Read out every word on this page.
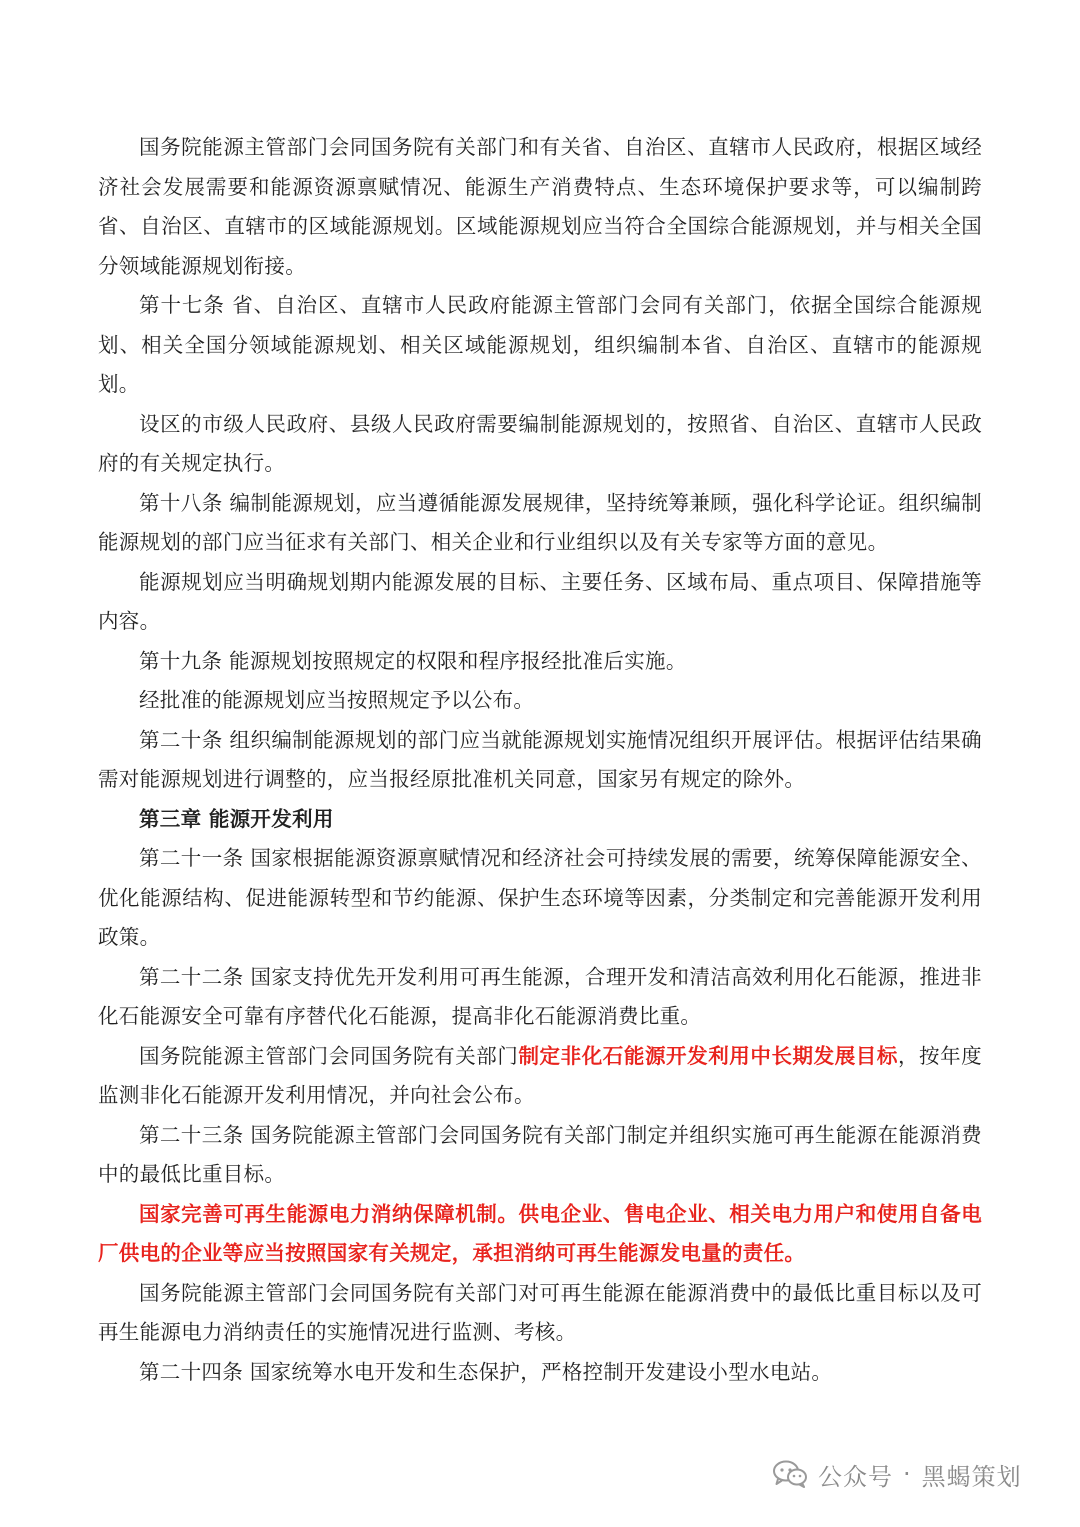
国务院能源主管部门会同国务院有关部门和有关省、自治区、直辖市人民政府，根据区域经济社会发展需要和能源资源禀赋情况、能源生产消费特点、生态环境保护要求等，可以编制跨省、自治区、直辖市的区域能源规划。区域能源规划应当符合全国综合能源规划，并与相关全国分领域能源规划衔接。

第十七条 省、自治区、直辖市人民政府能源主管部门会同有关部门，依据全国综合能源规划、相关全国分领域能源规划、相关区域能源规划，组织编制本省、自治区、直辖市的能源规划。

设区的市级人民政府、县级人民政府需要编制能源规划的，按照省、自治区、直辖市人民政府的有关规定执行。

第十八条 编制能源规划，应当遵循能源发展规律，坚持统筹兼顾，强化科学论证。组织编制能源规划的部门应当征求有关部门、相关企业和行业组织以及有关专家等方面的意见。

能源规划应当明确规划期内能源发展的目标、主要任务、区域布局、重点项目、保障措施等内容。

第十九条 能源规划按照规定的权限和程序报经批准后实施。

经批准的能源规划应当按照规定予以公布。

第二十条 组织编制能源规划的部门应当就能源规划实施情况组织开展评估。根据评估结果确需对能源规划进行调整的，应当报经原批准机关同意，国家另有规定的除外。

第三章 能源开发利用

第二十一条 国家根据能源资源禀赋情况和经济社会可持续发展的需要，统筹保障能源安全、优化能源结构、促进能源转型和节约能源、保护生态环境等因素，分类制定和完善能源开发利用政策。

第二十二条 国家支持优先开发利用可再生能源，合理开发和清洁高效利用化石能源，推进非化石能源安全可靠有序替代化石能源，提高非化石能源消费比重。

国务院能源主管部门会同国务院有关部门制定非化石能源开发利用中长期发展目标，按年度监测非化石能源开发利用情况，并向社会公布。

第二十三条 国务院能源主管部门会同国务院有关部门制定并组织实施可再生能源在能源消费中的最低比重目标。

国家完善可再生能源电力消纳保障机制。供电企业、售电企业、相关电力用户和使用自备电厂供电的企业等应当按照国家有关规定，承担消纳可再生能源发电量的责任。

国务院能源主管部门会同国务院有关部门对可再生能源在能源消费中的最低比重目标以及可再生能源电力消纳责任的实施情况进行监测、考核。

第二十四条 国家统筹水电开发和生态保护，严格控制开发建设小型水电站。

公众号 · 黑蝎策划
